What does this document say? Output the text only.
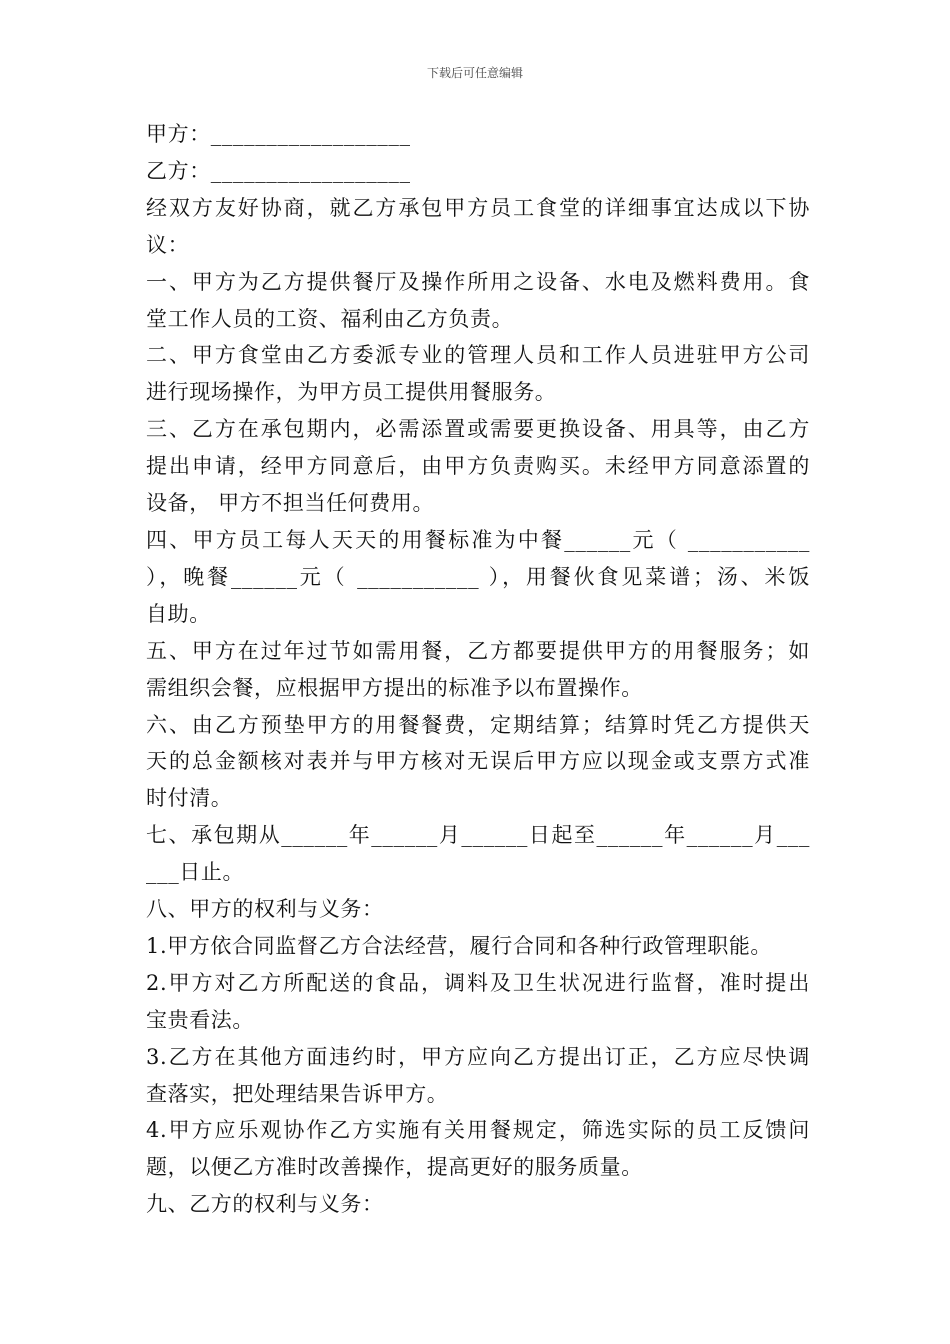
下载后可任意编辑
甲方：__________________
乙方：__________________
经双方友好协商，就乙方承包甲方员工食堂的详细事宜达成以下协
议：
一、甲方为乙方提供餐厅及操作所用之设备、水电及燃料费用。食
堂工作人员的工资、福利由乙方负责。
二、甲方食堂由乙方委派专业的管理人员和工作人员进驻甲方公司
进行现场操作，为甲方员工提供用餐服务。
三、乙方在承包期内，必需添置或需要更换设备、用具等，由乙方
提出申请，经甲方同意后，由甲方负责购买。未经甲方同意添置的
设备， 甲方不担当任何费用。
四、甲方员工每人天天的用餐标准为中餐______元（ ___________
），晚餐______元（ ___________ ），用餐伙食见菜谱；汤、米饭
自助。
五、甲方在过年过节如需用餐，乙方都要提供甲方的用餐服务；如
需组织会餐，应根据甲方提出的标准予以布置操作。
六、由乙方预垫甲方的用餐餐费，定期结算；结算时凭乙方提供天
天的总金额核对表并与甲方核对无误后甲方应以现金或支票方式准
时付清。
七、承包期从______年______月______日起至______年______月___
___日止。
八、甲方的权利与义务：
1.甲方依合同监督乙方合法经营，履行合同和各种行政管理职能。
2.甲方对乙方所配送的食品，调料及卫生状况进行监督，准时提出
宝贵看法。
3.乙方在其他方面违约时，甲方应向乙方提出订正，乙方应尽快调
查落实，把处理结果告诉甲方。
4.甲方应乐观协作乙方实施有关用餐规定，筛选实际的员工反馈问
题，以便乙方准时改善操作，提高更好的服务质量。
九、乙方的权利与义务：
